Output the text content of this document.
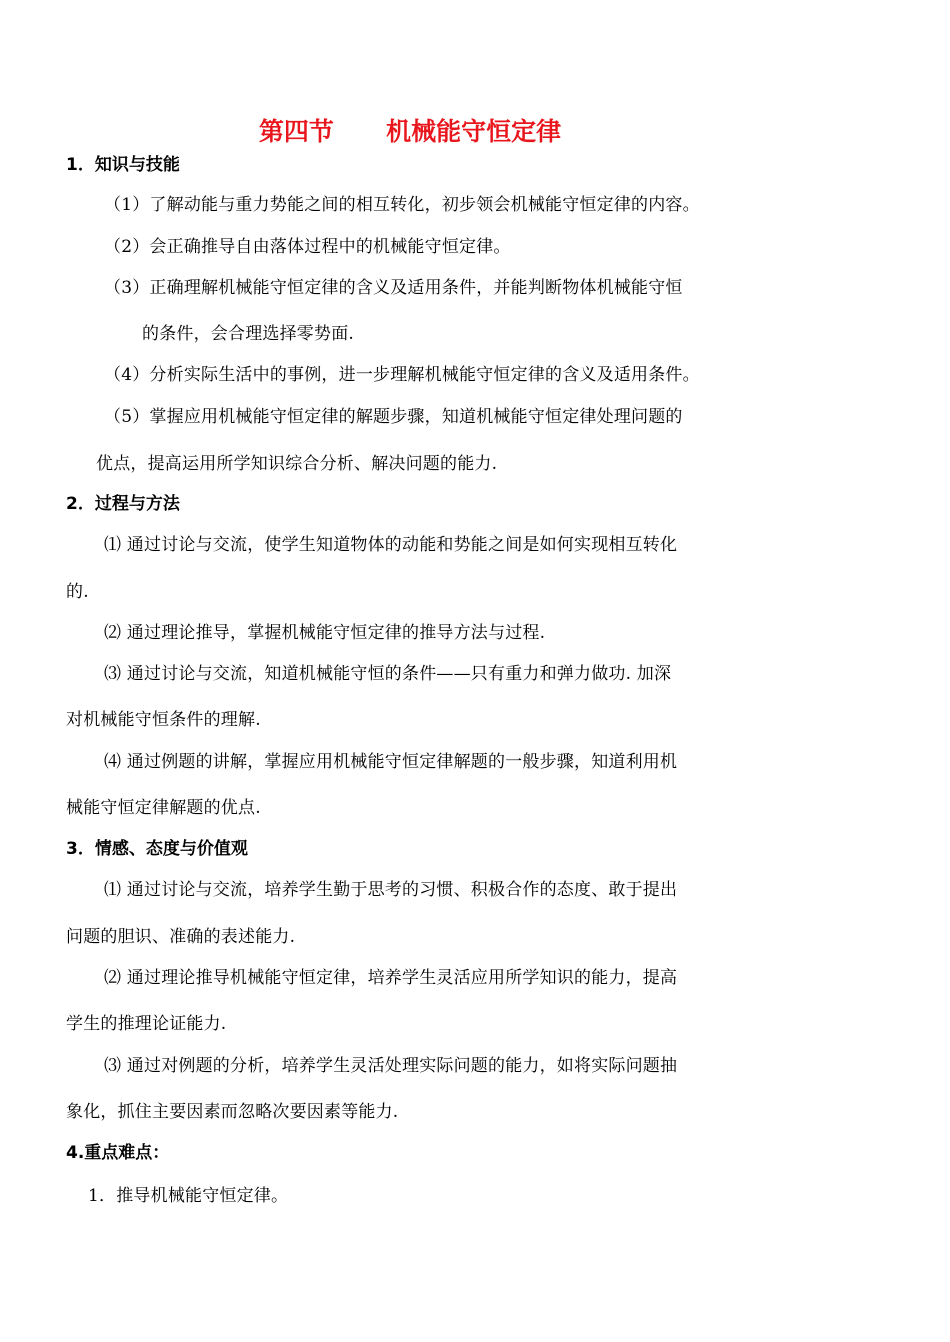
第四节      机械能守恒定律
1．知识与技能
（1）了解动能与重力势能之间的相互转化，初步领会机械能守恒定律的内容。
（2）会正确推导自由落体过程中的机械能守恒定律。
（3）正确理解机械能守恒定律的含义及适用条件，并能判断物体机械能守恒
的条件，会合理选择零势面.
（4）分析实际生活中的事例，进一步理解机械能守恒定律的含义及适用条件。
（5）掌握应用机械能守恒定律的解题步骤，知道机械能守恒定律处理问题的
优点，提高运用所学知识综合分析、解决问题的能力.
2．过程与方法
⑴ 通过讨论与交流，使学生知道物体的动能和势能之间是如何实现相互转化
的.
⑵ 通过理论推导，掌握机械能守恒定律的推导方法与过程.
⑶ 通过讨论与交流，知道机械能守恒的条件——只有重力和弹力做功. 加深
对机械能守恒条件的理解.
⑷ 通过例题的讲解，掌握应用机械能守恒定律解题的一般步骤，知道利用机
械能守恒定律解题的优点.
3．情感、态度与价值观
⑴ 通过讨论与交流，培养学生勤于思考的习惯、积极合作的态度、敢于提出
问题的胆识、准确的表述能力.
⑵ 通过理论推导机械能守恒定律，培养学生灵活应用所学知识的能力，提高
学生的推理论证能力.
⑶ 通过对例题的分析，培养学生灵活处理实际问题的能力，如将实际问题抽
象化，抓住主要因素而忽略次要因素等能力.
4.重点难点：
1．推导机械能守恒定律。
